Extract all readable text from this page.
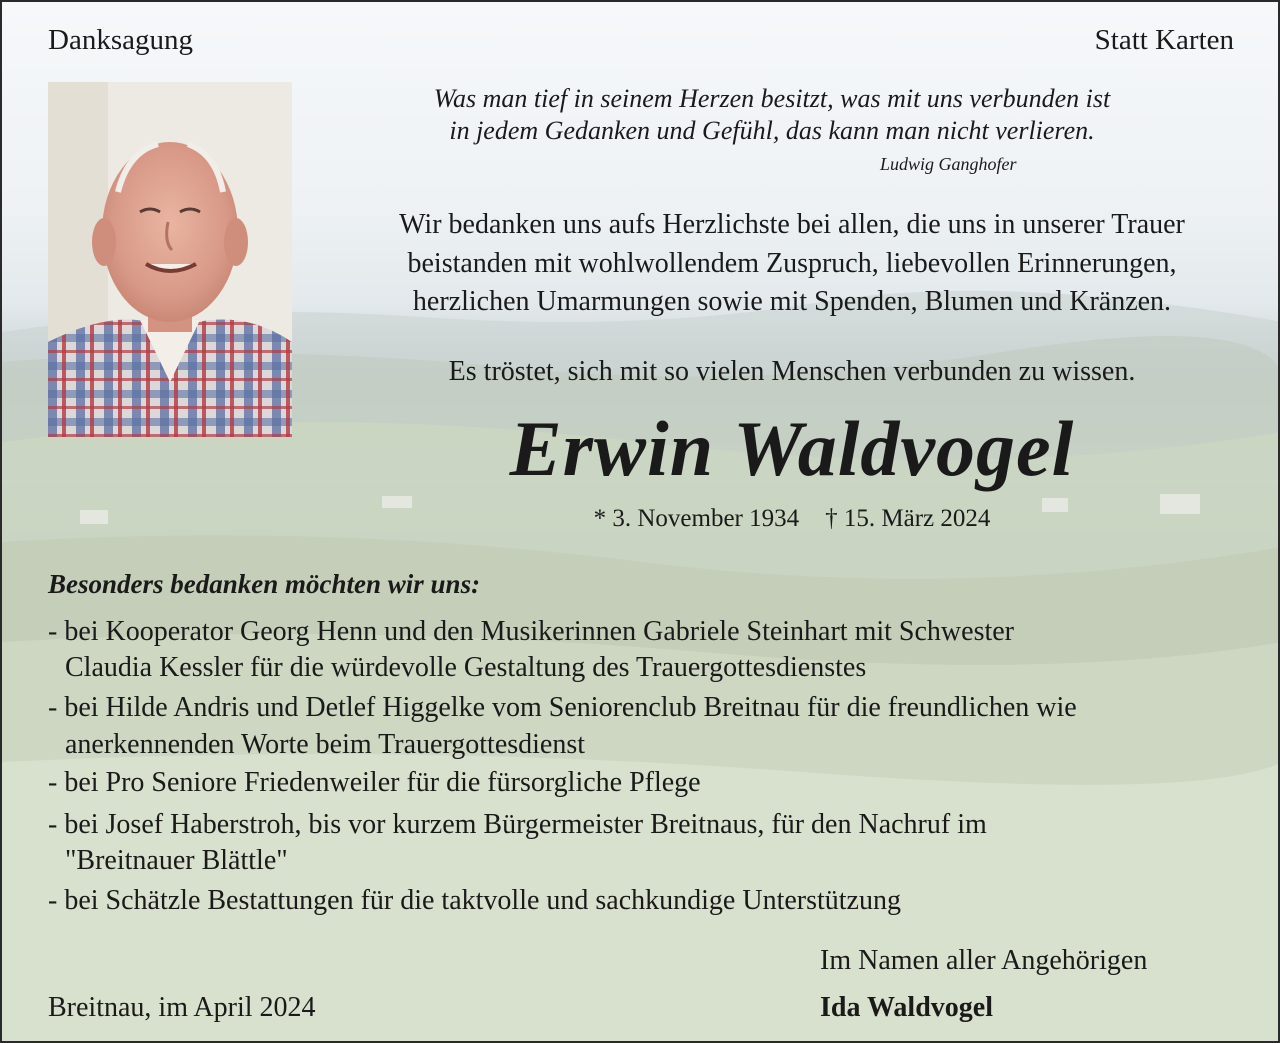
Danksagung	Statt Karten
Was man tief in seinem Herzen besitzt, was mit uns verbunden ist
in jedem Gedanken und Gefühl, das kann man nicht verlieren.
Ludwig Ganghofer
Wir bedanken uns aufs Herzlichste bei allen, die uns in unserer Trauer
beistanden mit wohlwollendem Zuspruch, liebevollen Erinnerungen,
herzlichen Umarmungen sowie mit Spenden, Blumen und Kränzen.
Es tröstet, sich mit so vielen Menschen verbunden zu wissen.
Erwin Waldvogel
* 3. November 1934 † 15. März 2024
Besonders bedanken möchten wir uns:
- bei Kooperator Georg Henn und den Musikerinnen Gabriele Steinhart mit Schwester
Claudia Kessler für die würdevolle Gestaltung des Trauergottesdienstes
- bei Hilde Andris und Detlef Higgelke vom Seniorenclub Breitnau für die freundlichen wie
anerkennenden Worte beim Trauergottesdienst
- bei Pro Seniore Friedenweiler für die fürsorgliche Pflege
- bei Josef Haberstroh, bis vor kurzem Bürgermeister Breitnaus, für den Nachruf im
"Breitnauer Blättle"
- bei Schätzle Bestattungen für die taktvolle und sachkundige Unterstützung
Im Namen aller Angehörigen
Ida Waldvogel
Breitnau, im April 2024
